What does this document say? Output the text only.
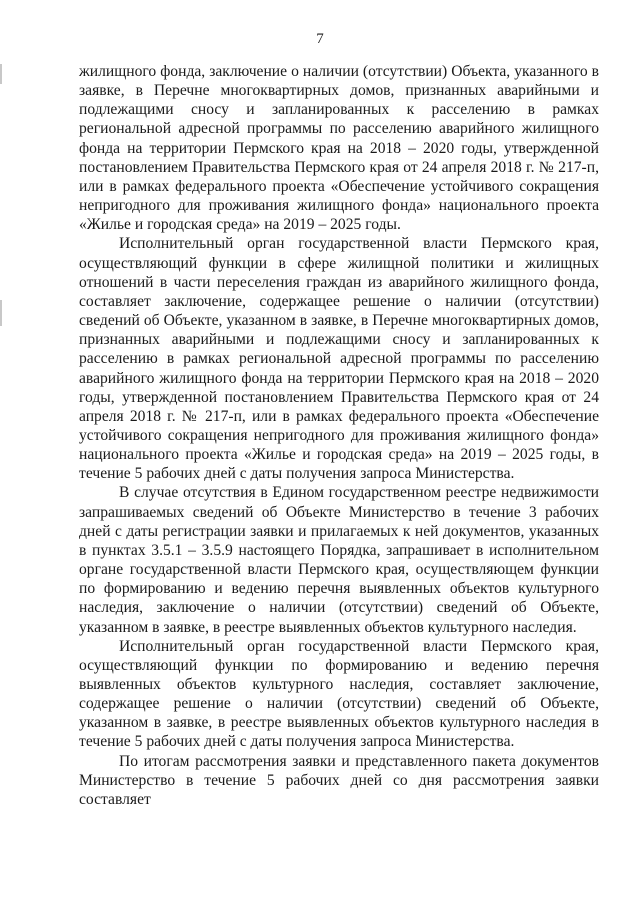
7

жилищного фонда, заключение о наличии (отсутствии) Объекта, указанного в заявке, в Перечне многоквартирных домов, признанных аварийными и подлежащими сносу и запланированных к расселению в рамках региональной адресной программы по расселению аварийного жилищного фонда на территории Пермского края на 2018 – 2020 годы, утвержденной постановлением Правительства Пермского края от 24 апреля 2018 г. № 217-п, или в рамках федерального проекта «Обеспечение устойчивого сокращения непригодного для проживания жилищного фонда» национального проекта «Жилье и городская среда» на 2019 – 2025 годы.

Исполнительный орган государственной власти Пермского края, осуществляющий функции в сфере жилищной политики и жилищных отношений в части переселения граждан из аварийного жилищного фонда, составляет заключение, содержащее решение о наличии (отсутствии) сведений об Объекте, указанном в заявке, в Перечне многоквартирных домов, признанных аварийными и подлежащими сносу и запланированных к расселению в рамках региональной адресной программы по расселению аварийного жилищного фонда на территории Пермского края на 2018 – 2020 годы, утвержденной постановлением Правительства Пермского края от 24 апреля 2018 г. № 217-п, или в рамках федерального проекта «Обеспечение устойчивого сокращения непригодного для проживания жилищного фонда» национального проекта «Жилье и городская среда» на 2019 – 2025 годы, в течение 5 рабочих дней с даты получения запроса Министерства.

В случае отсутствия в Едином государственном реестре недвижимости запрашиваемых сведений об Объекте Министерство в течение 3 рабочих дней с даты регистрации заявки и прилагаемых к ней документов, указанных в пунктах 3.5.1 – 3.5.9 настоящего Порядка, запрашивает в исполнительном органе государственной власти Пермского края, осуществляющем функции по формированию и ведению перечня выявленных объектов культурного наследия, заключение о наличии (отсутствии) сведений об Объекте, указанном в заявке, в реестре выявленных объектов культурного наследия.

Исполнительный орган государственной власти Пермского края, осуществляющий функции по формированию и ведению перечня выявленных объектов культурного наследия, составляет заключение, содержащее решение о наличии (отсутствии) сведений об Объекте, указанном в заявке, в реестре выявленных объектов культурного наследия в течение 5 рабочих дней с даты получения запроса Министерства.

По итогам рассмотрения заявки и представленного пакета документов Министерство в течение 5 рабочих дней со дня рассмотрения заявки составляет
